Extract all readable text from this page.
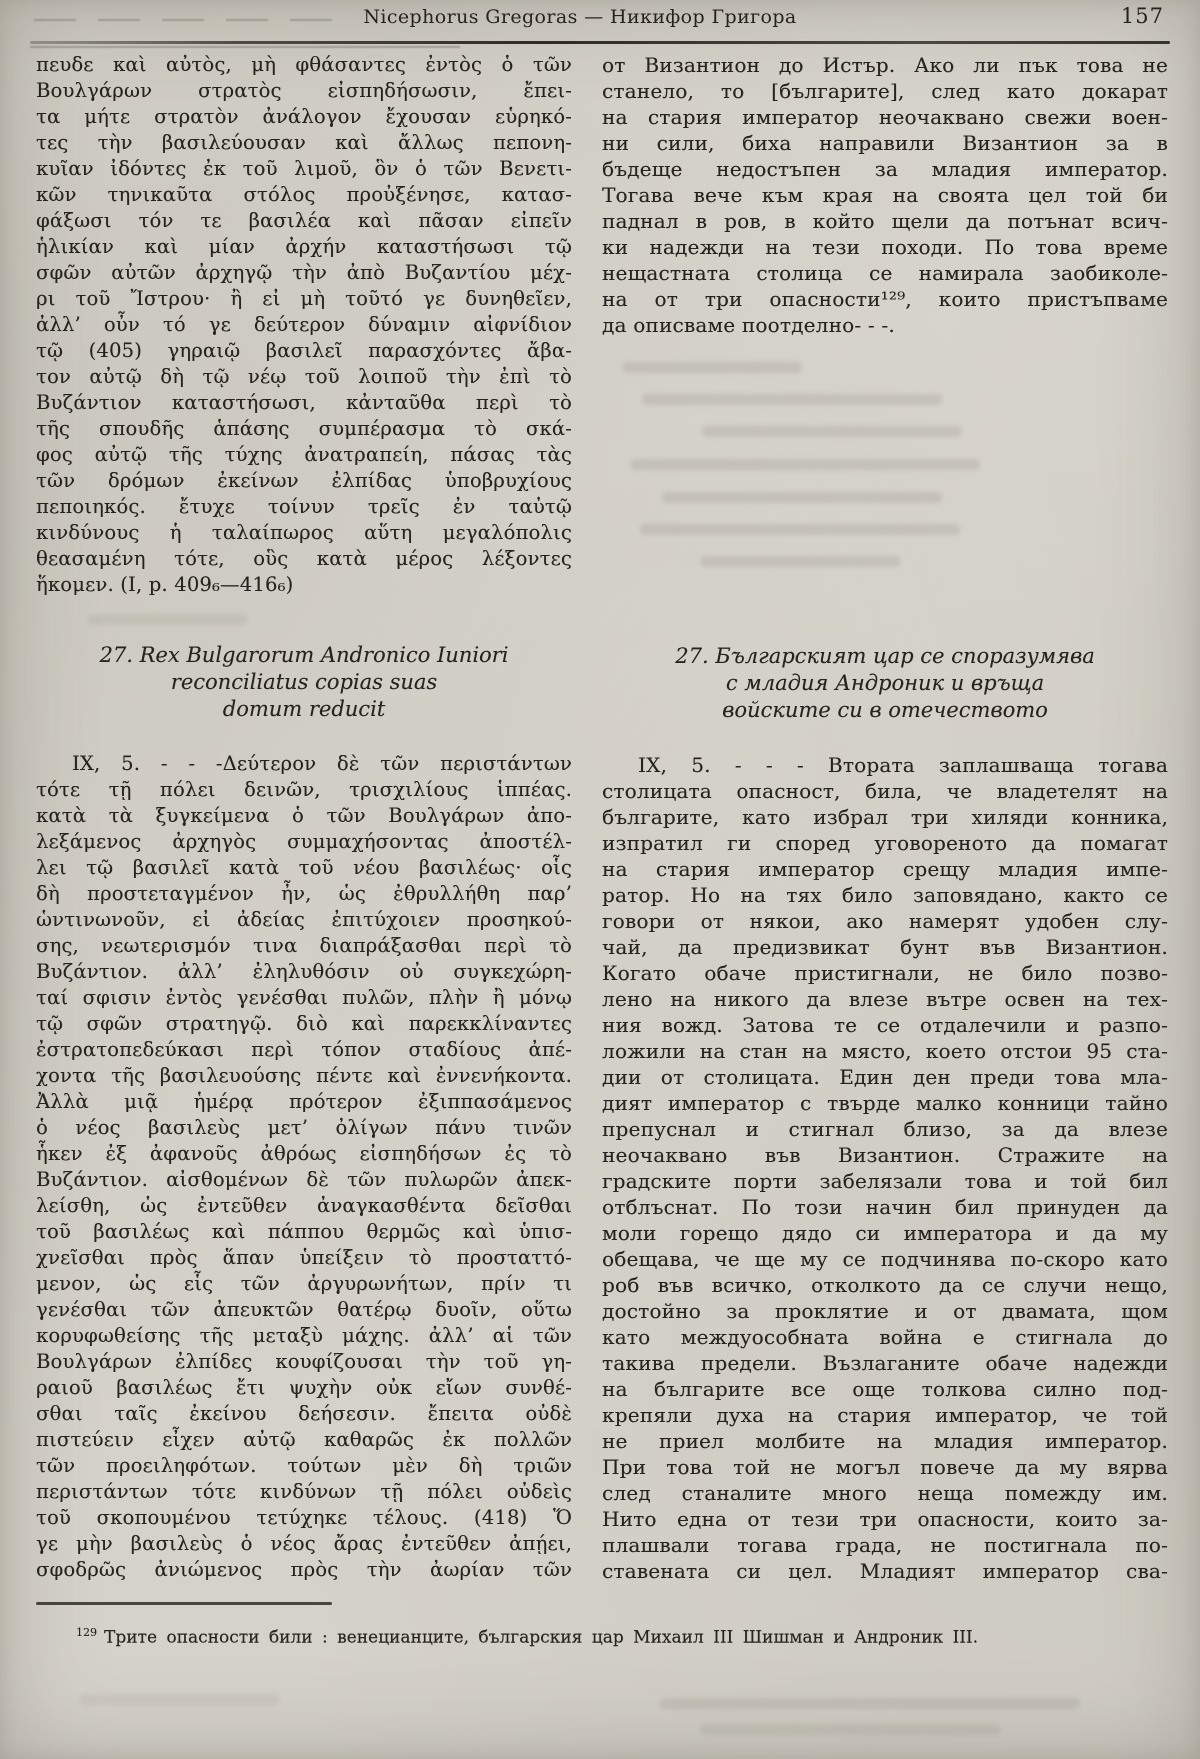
Nicephorus Gregoras — Никифор Григора	157
πευδε καὶ αὐτὸς, μὴ φθάσαντες ἐντὸς ὁ τῶν
Βουλγάρων στρατὸς εἰσπηδήσωσιν, ἔπει-
τα μήτε στρατὸν ἀνάλογον ἔχουσαν εὑρηκό-
τες τὴν βασιλεύουσαν καὶ ἄλλως πεπονη-
κυῖαν ἰδόντες ἐκ τοῦ λιμοῦ, ὃν ὁ τῶν Βενετι-
κῶν τηνικαῦτα στόλος προὐξένησε, κατασ-
φάξωσι τόν τε βασιλέα καὶ πᾶσαν εἰπεῖν
ἡλικίαν καὶ μίαν ἀρχήν καταστήσωσι τῷ
σφῶν αὐτῶν ἀρχηγῷ τὴν ἀπὸ Βυζαντίου μέχ-
ρι τοῦ Ἴστρου· ἢ εἰ μὴ τοῦτό γε δυνηθεῖεν,
ἀλλ’ οὖν τό γε δεύτερον δύναμιν αἰφνίδιον
τῷ (405) γηραιῷ βασιλεῖ παρασχόντες ἄβα-
τον αὐτῷ δὴ τῷ νέῳ τοῦ λοιποῦ τὴν ἐπὶ τὸ
Βυζάντιον καταστήσωσι, κἀνταῦθα περὶ τὸ
τῆς σπουδῆς ἁπάσης συμπέρασμα τὸ σκά-
φος αὐτῷ τῆς τύχης ἀνατραπείη, πάσας τὰς
τῶν δρόμων ἐκείνων ἐλπίδας ὑποβρυχίους
πεποιηκός. ἔτυχε τοίνυν τρεῖς ἐν ταὐτῷ
κινδύνους ἡ ταλαίπωρος αὕτη μεγαλόπολις
θεασαμένη τότε, οὓς κατὰ μέρος λέξοντες
ἥκομεν. (I, p. 409₆—416₆)
27. Rex Bulgarorum Andronico Iuniori
reconciliatus copias suas
domum reducit
IX, 5. - - -Δεύτερον δὲ τῶν περιστάντων
τότε τῇ πόλει δεινῶν, τρισχιλίους ἱππέας.
κατὰ τὰ ξυγκείμενα ὁ τῶν Βουλγάρων ἀπο-
λεξάμενος ἀρχηγὸς συμμαχήσοντας ἀποστέλ-
λει τῷ βασιλεῖ κατὰ τοῦ νέου βασιλέως· οἷς
δὴ προστεταγμένον ἦν, ὡς ἐθρυλλήθη παρ’
ὡντινωνοῦν, εἰ ἀδείας ἐπιτύχοιεν προσηκού-
σης, νεωτερισμόν τινα διαπράξασθαι περὶ τὸ
Βυζάντιον. ἀλλ’ ἐληλυθόσιν οὐ συγκεχώρη-
ταί σφισιν ἐντὸς γενέσθαι πυλῶν, πλὴν ἢ μόνῳ
τῷ σφῶν στρατηγῷ. διὸ καὶ παρεκκλίναντες
ἐστρατοπεδεύκασι περὶ τόπον σταδίους ἀπέ-
χοντα τῆς βασιλευούσης πέντε καὶ ἐννενήκοντα.
Ἀλλὰ μιᾷ ἡμέρᾳ πρότερον ἐξιππασάμενος
ὁ νέος βασιλεὺς μετ’ ὀλίγων πάνυ τινῶν
ἧκεν ἐξ ἀφανοῦς ἀθρόως εἰσπηδήσων ἐς τὸ
Βυζάντιον. αἰσθομένων δὲ τῶν πυλωρῶν ἀπεκ-
λείσθη, ὡς ἐντεῦθεν ἀναγκασθέντα δεῖσθαι
τοῦ βασιλέως καὶ πάππου θερμῶς καὶ ὑπισ-
χνεῖσθαι πρὸς ἅπαν ὑπείξειν τὸ προσταττό-
μενον, ὡς εἷς τῶν ἀργυρωνήτων, πρίν τι
γενέσθαι τῶν ἀπευκτῶν θατέρῳ δυοῖν, οὕτω
κορυφωθείσης τῆς μεταξὺ μάχης. ἀλλ’ αἱ τῶν
Βουλγάρων ἐλπίδες κουφίζουσαι τὴν τοῦ γη-
ραιοῦ βασιλέως ἔτι ψυχὴν οὐκ εἴων συνθέ-
σθαι ταῖς ἐκείνου δεήσεσιν. ἔπειτα οὐδὲ
πιστεύειν εἶχεν αὐτῷ καθαρῶς ἐκ πολλῶν
τῶν προειληφότων. τούτων μὲν δὴ τριῶν
περιστάντων τότε κινδύνων τῇ πόλει οὐδεὶς
τοῦ σκοπουμένου τετύχηκε τέλους. (418) Ὅ
γε μὴν βασιλεὺς ὁ νέος ἄρας ἐντεῦθεν ἀπῄει,
σφοδρῶς ἀνιώμενος πρὸς τὴν ἀωρίαν τῶν
от Византион до Истър. Ако ли пък това не
станело, то [българите], след като докарат
на стария император неочаквано свежи воен-
ни сили, биха направили Византион за в
бъдеще недостъпен за младия император.
Тогава вече към края на своята цел той би
паднал в ров, в който щели да потънат всич-
ки надежди на тези походи. По това време
нещастната столица се намирала заобиколе-
на от три опасности¹²⁹, които пристъпваме
да описваме поотделно- - -.
27. Българският цар се споразумява
с младия Андроник и връща
войските си в отечеството
IX, 5. - - - Втората заплашваща тогава
столицата опасност, била, че владетелят на
българите, като избрал три хиляди конника,
изпратил ги според уговореното да помагат
на стария император срещу младия импе-
ратор. Но на тях било заповядано, както се
говори от някои, ако намерят удобен слу-
чай, да предизвикат бунт във Византион.
Когато обаче пристигнали, не било позво-
лено на никого да влезе вътре освен на тех-
ния вожд. Затова те се отдалечили и разпо-
ложили на стан на място, което отстои 95 ста-
дии от столицата. Един ден преди това мла-
дият император с твърде малко конници тайно
препуснал и стигнал близо, за да влезе
неочаквано във Византион. Стражите на
градските порти забелязали това и той бил
отблъснат. По този начин бил принуден да
моли горещо дядо си императора и да му
обещава, че ще му се подчинява по-скоро като
роб във всичко, отколкото да се случи нещо,
достойно за проклятие и от двамата, щом
като междуособната война е стигнала до
такива предели. Възлаганите обаче надежди
на българите все още толкова силно под-
крепяли духа на стария император, че той
не приел молбите на младия император.
При това той не могъл повече да му вярва
след станалите много неща помежду им.
Нито една от тези три опасности, които за-
плашвали тогава града, не постигнала по-
ставената си цел. Младият император сва-
$^{129}$ Трите опасности били : венецианците, българския цар Михаил III Шишман и Андроник III.
